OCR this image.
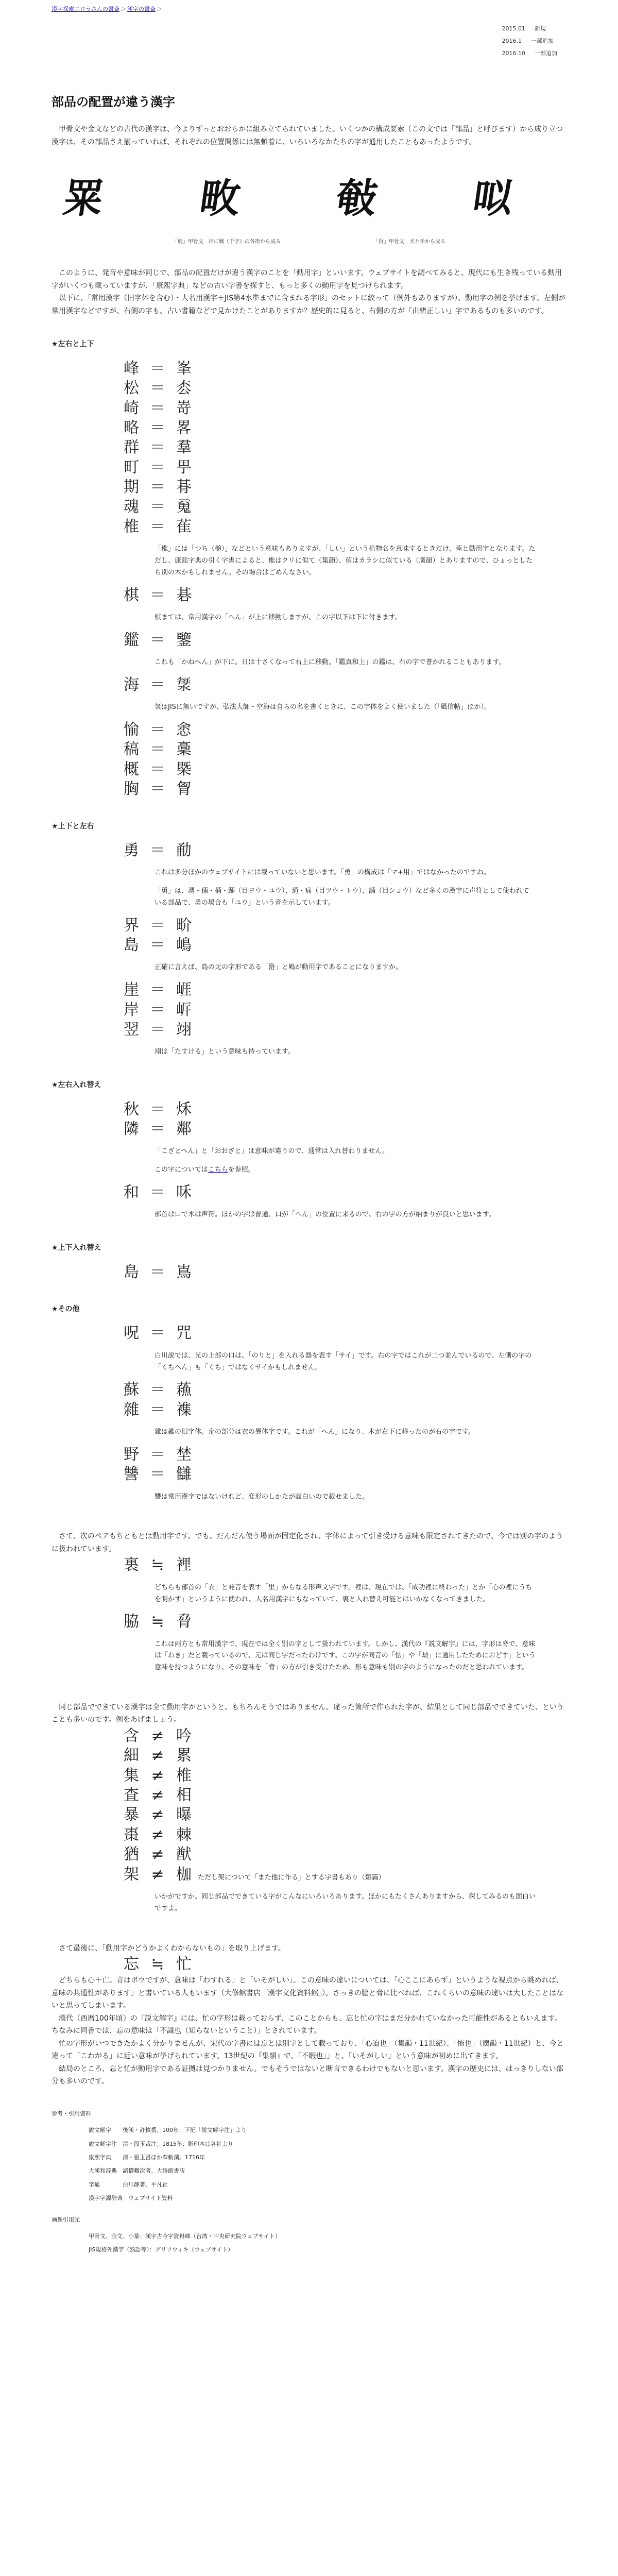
漢字探索エロラさんの書斎 ＞ 漢字の書斎 ＞
2015.01 新規
2016.1 一部追加
2016.10 一部追加
部品の配置が違う漢字

甲骨文や金文などの古代の漢字は、今よりずっとおおらかに組み立てられていました。いくつかの構成要素（この文では「部品」と呼びます）から成り立つ漢字は、その部品さえ揃っていれば、それぞれの位置関係には無頓着に、いろいろなかたちの字が通用したこともあったようです。

䍘 畋 㪑 㕽
「鹿」甲骨文　出に戦（千字）の各形から成る	「狩」甲骨文　犬と手から成る

このように、発音や意味が同じで、部品の配置だけが違う漢字のことを「動用字」といいます。ウェブサイトを調べてみると、現代にも生き残っている動用字がいくつも載っていますが、「康熙字典」などの古い字書を探すと、もっと多くの動用字を見つけられます。

以下に、「常用漢字（旧字体を含む）・人名用漢字＋JIS第4水準までに含まれる字形」のセットに絞って（例外もありますが）、動用字の例を挙げます。左側が常用漢字などですが、右側の字も、古い書籍などで見かけたことがありますか？歴史的に見ると、右側の方が「由緒正しい」字であるものも多いのです。

★左右と上下
峰 ＝ 峯
松 ＝ 枩
崎 ＝ 嵜
略 ＝ 畧
群 ＝ 羣
町 ＝ 甼
期 ＝ 朞
魂 ＝ 䰟
椎 ＝ 雈

「椎」には「つち（槌）」などという意味もありますが、「しい」という植物名を意味するときだけ、雈と動用字となります。ただし、康熙字典の引く字書によると、椎はクリに似て（集韻）、雈はカラシに似ている（廣韻）とありますので、ひょっとしたら別の木かもしれません。その場合はごめんなさい。

棋 ＝ 碁

棋まては、常用漢字の「へん」が上に移動しますが、この字以下は下に付きます。

鑑 ＝ 鑒

これも「かねへん」が下に。日は十さくなって右上に移動。「鑑真和上」の鑑は、右の字で書かれることもあります。

海 ＝ 𣴴

𣴴はJISに無いですが、弘法大師・空海は自らの名を書くときに、この字体をよく使いました（「風信帖」ほか）。

愉 ＝ 悆
稿 ＝ 稾
概 ＝ 槩
胸 ＝ 胷
★上下と左右
勇 ＝ 勈

これは多分ほかのウェブサイトには載っていないと思います。「勇」の構成は「マ+用」ではなかったのですね。

「勇」は、湧・俑・桶・踊（目ヨウ・ユウ）、通・痛（目ツウ・トウ）、誦（目ショウ）など多くの漢字に声符として使われている部品で、勇の場合も「ユウ」という音を示しています。

界 ＝ 畍
島 ＝ 嶋

正確に言えば、島の元の字形である「㠀」と嶋が動用字であることになりますか。

崖 ＝ 崕
岸 ＝ 㟁
翌 ＝ 翊

翊は「たすける」という意味も持っています。

★左右入れ替え
秋 ＝ 秌
隣 ＝ 鄰

「こざとへん」と「おおざと」は意味が違うので、通常は入れ替わりません。

この字についてはこちらを参照。

和 ＝ 咊

部首は口で木は声符。ほかの字は普通、口が「へん」の位置に来るので、右の字の方が納まりが良いと思います。

★上下入れ替え
島 ＝ 嶌
★その他
呪 ＝ 咒

白川説では、兄の上部の口は、「のりと」を入れる器を表す「サイ」です。右の字ではこれが二つ並んでいるので、左側の字の「くちへん」も「くち」ではなくサイかもしれません。

蘇 ＝ 蘓
雜 ＝ 襍

雜は雑の旧字体。㐬の部分は衣の異体字です。これが「へん」になり、木が右下に移ったのが右の字です。

野 ＝ 埜
讐 ＝ 讎

讐は常用漢字ではないけれど、変形のしかたが面白いので載せました。

さて、次のペアもちともとは動用字です。でも、だんだん使う場面が固定化され、字体によって引き受ける意味も限定されてきたので、今では別の字のように扱われています。

裏 ≒ 裡

どちらも部首の「衣」と発音を表す「里」からなる形声文字です。裡は、現在では、「成功裡に終わった」とか「心の裡にうちを明かす」というように使われ、人名用漢字にもなっていて、裏と入れ替え可能とはいかなくなってきました。

脇 ≒ 脅

これは両方とも常用漢字で、現在では全く別の字として扱われています。しかし、漢代の『説文解字』には、字形は脅で、意味は「わき」だと載っているので、元は同じ字だったわけです。この字が同音の「怯」や「劫」に通用したためにおどす」という意味を持つようになり、その意味を「脅」の方が引き受けたため、形も意味も別の字のようになったのだと思われています。

同じ部品でできている漢字は全て動用字かというと、もちろんそうではありません。違った箇所で作られた字が、結果として同じ部品でできていた、ということも多いのです。例をあげましょう。

含 ≠ 吟
細 ≠ 累
集 ≠ 椎
査 ≠ 相
暴 ≠ 曝
棗 ≠ 棘
猶 ≠ 猷
架 ≠ 枷 ただし架について「また他に作る」とする字書もあり（類篇）

いかがですか。同じ部品でできている字がこんなにいろいろあります。ほかにもたくさんありますから、探してみるのも面白いですよ。

さて最後に、「動用字かどうかよくわからないもの」を取り上げます。

忘 ≒ 忙

どちらも心＋亡。音はボウですが、意味は「わすれる」と「いそがしい」。この意味の違いについては、「心ここにあらず」というような視点から眺めれば、意味の共通性があります」と書いている人もいます（大修館書店『漢字文化資料館』）。さっきの脇と脅に比べれば、これくらいの意味の違いは大したことはないと思ってしまいます。

漢代（西暦100年頃）の『説文解字』には、忙の字形は載っておらず、このことからも、忘と忙の字はまだ分かれていなかった可能性があるともいえます。ちなみに同書では、忘の意味は「不識也（知らないということ）」とされています。

忙の字形がいつできたかよく分かりませんが、宋代の字書には忘とは別字として載っており、「心迫也」（集韻・11世紀）、「怖也」（廣韻・11世紀）と、今と違って「こわがる」に近い意味が挙げられています。13世紀の『集韻』で、「不暇也」」と、「いそがしい」という意味が初めに出てきます。

結局のところ、忘と忙が動用字である証拠は見つかりません。でもそうではないと断言できるわけでもないと思います。漢字の歴史には、はっきりしない部分も多いのです。

参考・引用資料
説文解字　　後漢・許慎撰。100年：下記「説文解字注」より
説文解字注　清・段玉裁注。1815年：影印本は各社より
康熙字典　　清・張玉書ほか奉勅撰。1716年
大漢和辞典　諸橋轍次著。大修館書店
字通　　　　白川静著。平凡社
漢字字源辞典　ウェブサイト資料
画像引用元
甲骨文、金文、小篆：漢字古今字資料庫（台湾・中央研究院ウェブサイト）
JIS規格外漢字（熟語等）：グリフウィキ（ウェブサイト）
